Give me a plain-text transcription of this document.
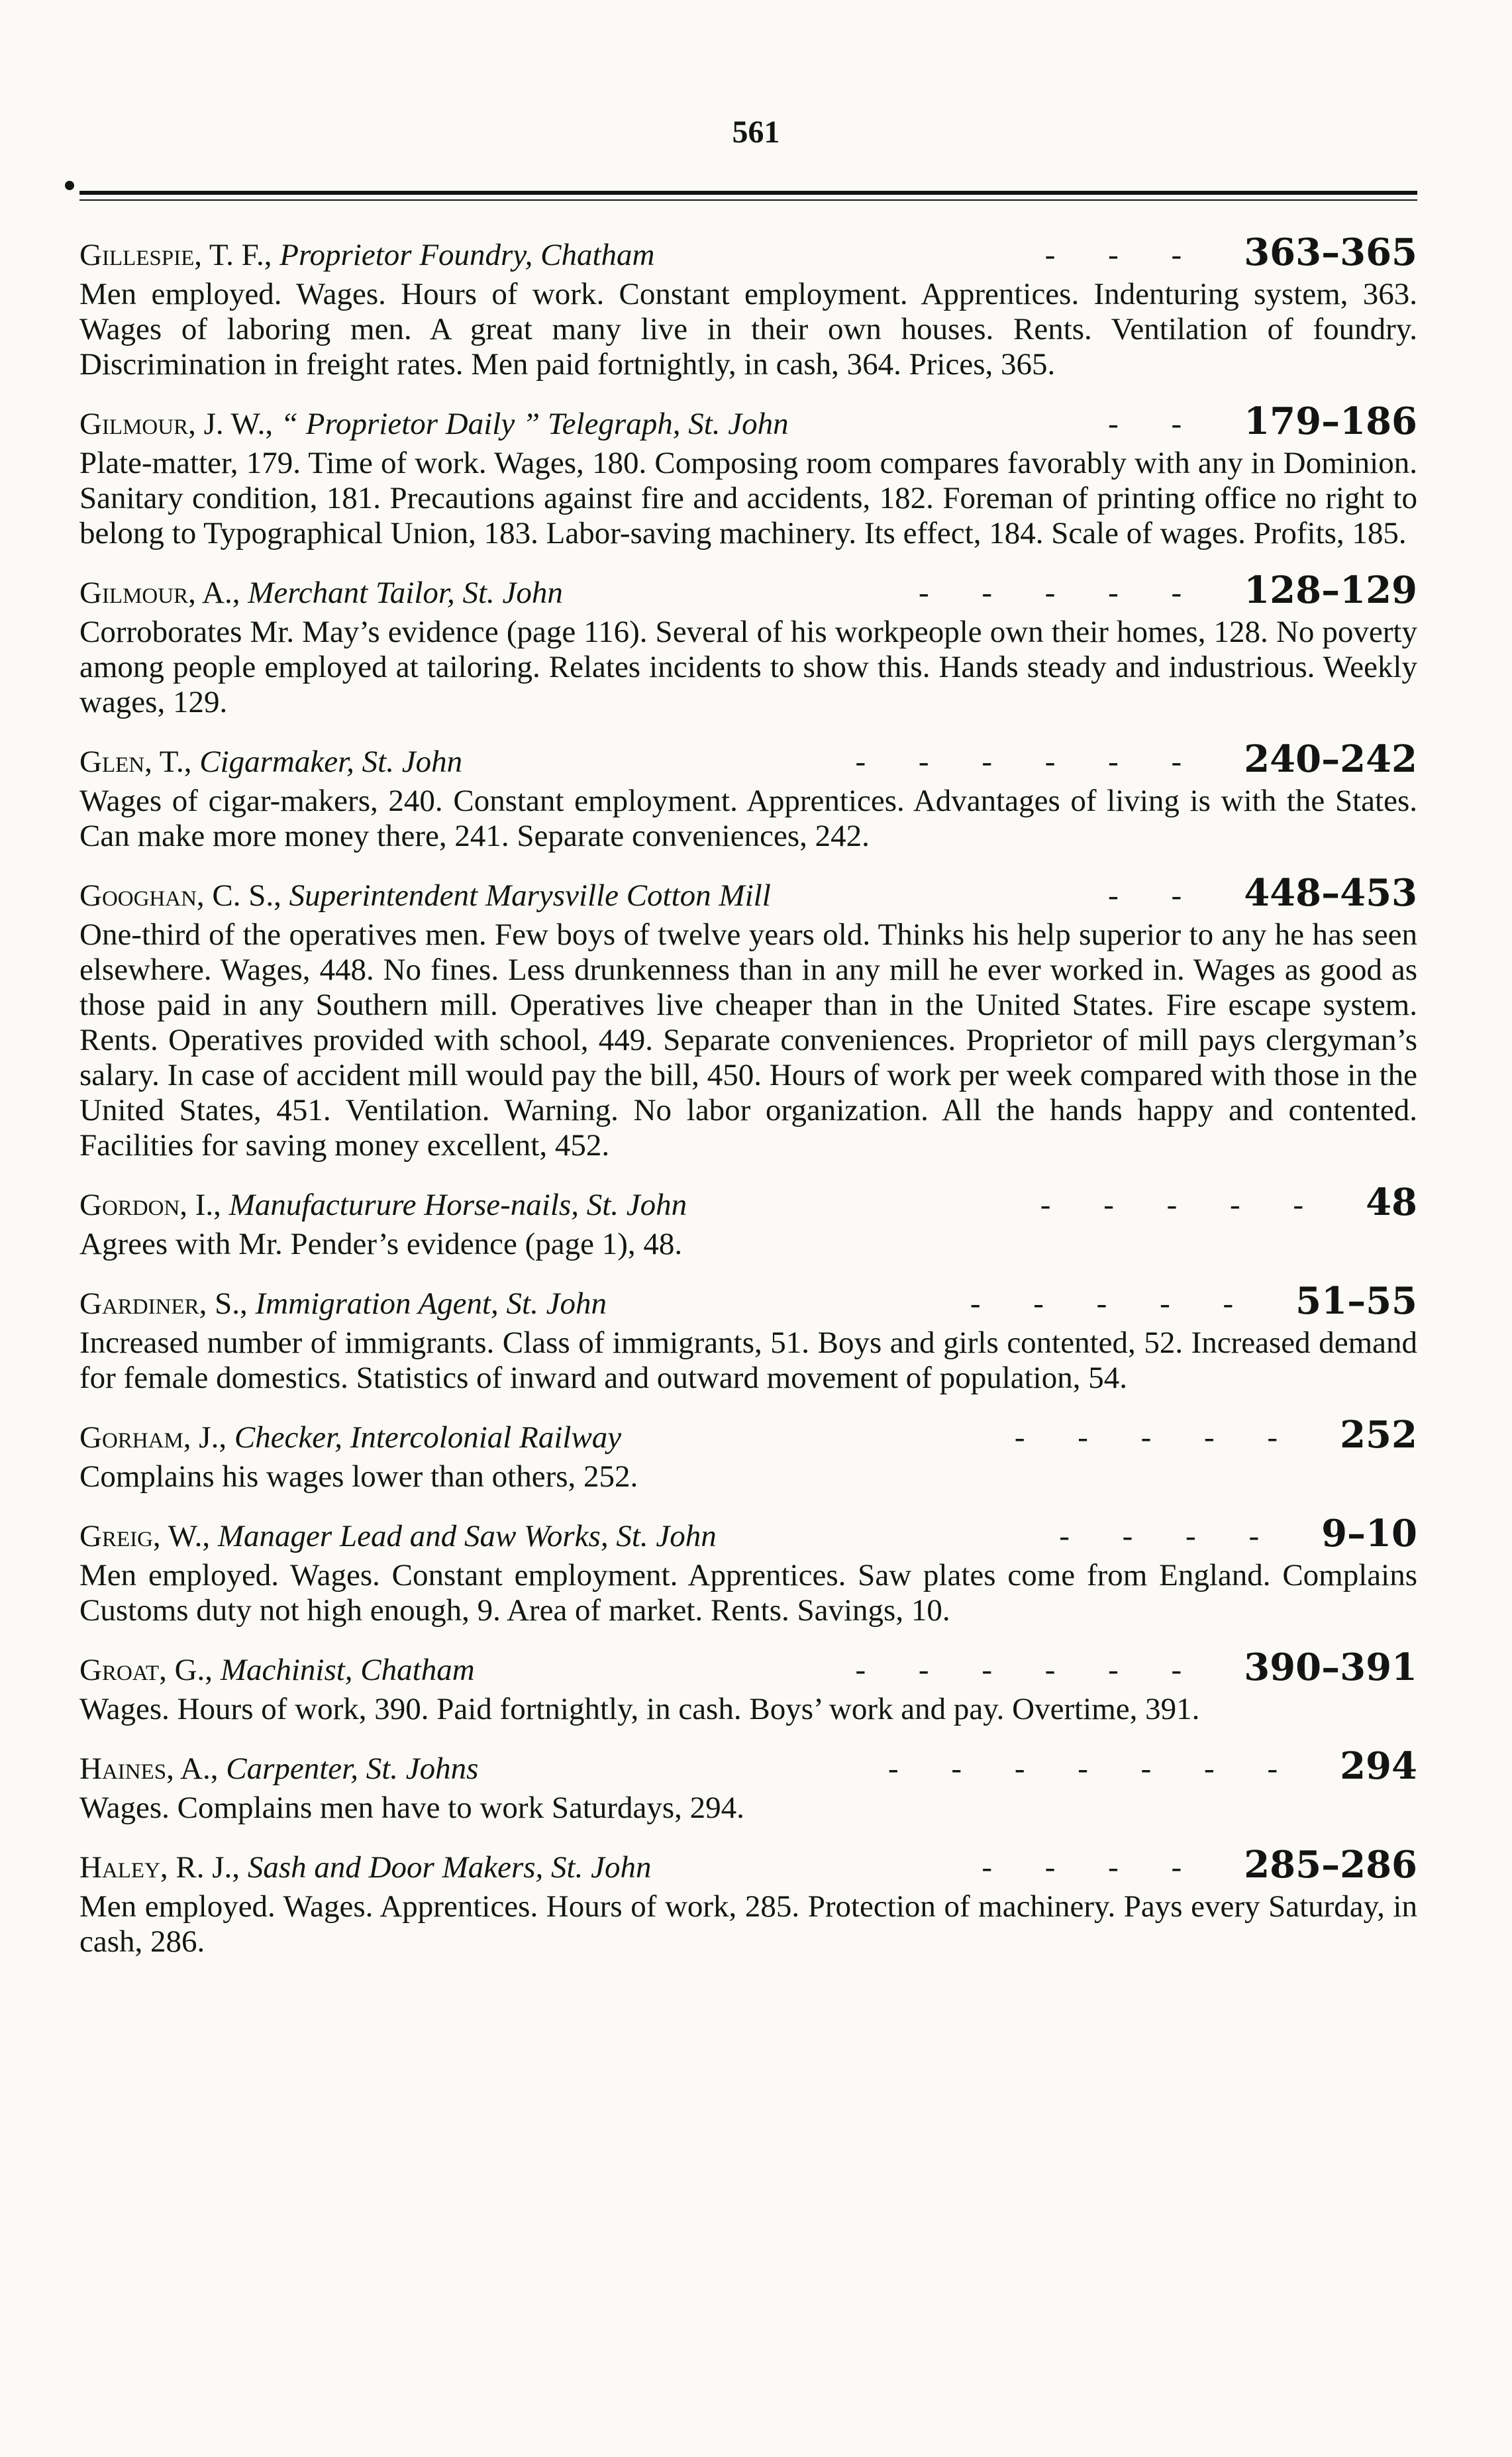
561
Gillespie, T. F.,
Proprietor Foundry, Chatham	- - -	363–365
Men employed. Wages. Hours of work. Constant employment. Apprentices. Indenturing system, 363. Wages of laboring men. A great many live in their own houses. Rents. Ventilation of foundry. Discrimination in freight rates. Men paid fortnightly, in cash, 364. Prices, 365.
Gilmour, J. W.,
“ Proprietor Daily ” Telegraph, St. John	- -	179–186
Plate-matter, 179. Time of work. Wages, 180. Composing room compares favorably with any in Dominion. Sanitary condition, 181. Precautions against fire and accidents, 182. Foreman of printing office no right to belong to Typographical Union, 183. Labor-saving machinery. Its effect, 184. Scale of wages. Profits, 185.
Gilmour, A.,
Merchant Tailor, St. John	- - - - -	128–129
Corroborates Mr. May’s evidence (page 116). Several of his workpeople own their homes, 128. No poverty among people employed at tailoring. Relates incidents to show this. Hands steady and industrious. Weekly wages, 129.
Glen, T.,
Cigarmaker, St. John	- - - - - -	240–242
Wages of cigar-makers, 240. Constant employment. Apprentices. Advantages of living is with the States. Can make more money there, 241. Separate conveniences, 242.
Googhan, C. S.,
Superintendent Marysville Cotton Mill	- -	448–453
One-third of the operatives men. Few boys of twelve years old. Thinks his help superior to any he has seen elsewhere. Wages, 448. No fines. Less drunkenness than in any mill he ever worked in. Wages as good as those paid in any Southern mill. Operatives live cheaper than in the United States. Fire escape system. Rents. Operatives provided with school, 449. Separate conveniences. Proprietor of mill pays clergyman’s salary. In case of accident mill would pay the bill, 450. Hours of work per week compared with those in the United States, 451. Ventilation. Warning. No labor organization. All the hands happy and contented. Facilities for saving money excellent, 452.
Gordon, I.,
Manufacturure Horse-nails, St. John	- - - - -	48
Agrees with Mr. Pender’s evidence (page 1), 48.
Gardiner, S.,
Immigration Agent, St. John	- - - - -	51–55
Increased number of immigrants. Class of immigrants, 51. Boys and girls contented, 52. Increased demand for female domestics. Statistics of inward and outward movement of population, 54.
Gorham, J.,
Checker, Intercolonial Railway	- - - - -	252
Complains his wages lower than others, 252.
Greig, W.,
Manager Lead and Saw Works, St. John	- - - -	9–10
Men employed. Wages. Constant employment. Apprentices. Saw plates come from England. Complains Customs duty not high enough, 9. Area of market. Rents. Savings, 10.
Groat, G.,
Machinist, Chatham	- - - - - -	390–391
Wages. Hours of work, 390. Paid fortnightly, in cash. Boys’ work and pay. Overtime, 391.
Haines, A.,
Carpenter, St. Johns	- - - - - - -	294
Wages. Complains men have to work Saturdays, 294.
Haley, R. J.,
Sash and Door Makers, St. John	- - - -	285–286
Men employed. Wages. Apprentices. Hours of work, 285. Protection of machinery. Pays every Saturday, in cash, 286.
